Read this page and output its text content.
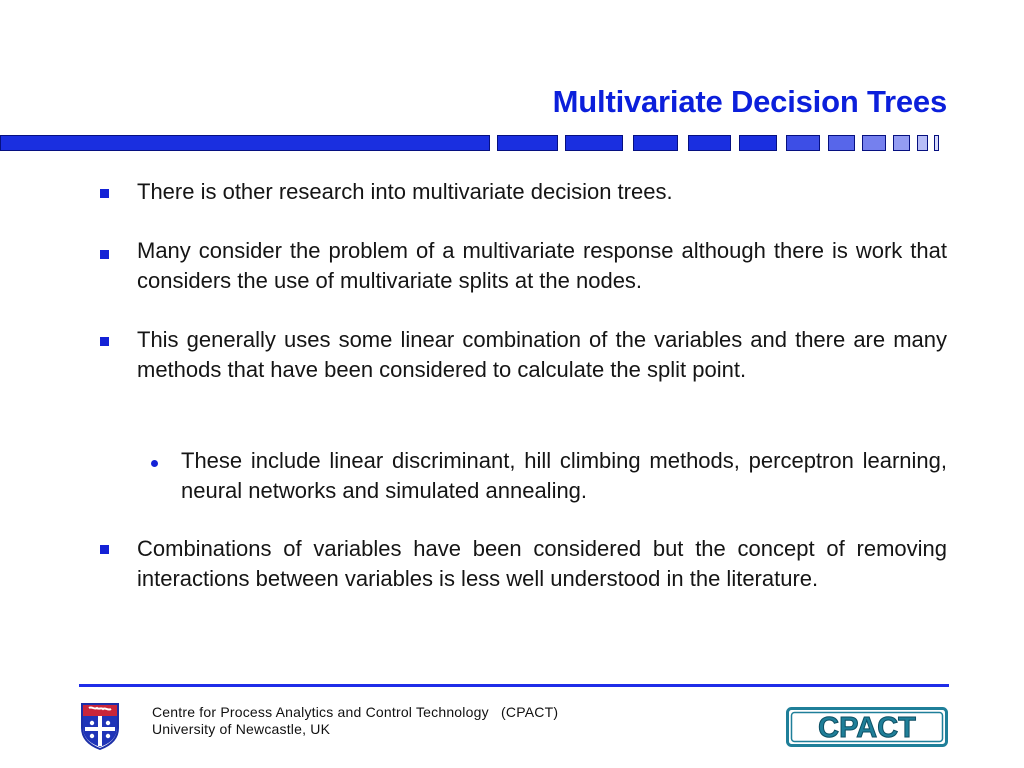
Multivariate Decision Trees
There is other research into multivariate decision trees.
Many consider the problem of a multivariate response although there is work that considers the use of multivariate splits at the nodes.
This generally uses some linear combination of the variables and there are many methods that have been considered to calculate the split point.
These include linear discriminant, hill climbing methods, perceptron learning, neural networks and simulated annealing.
Combinations of variables have been considered but the concept of removing interactions between variables is less well understood in the literature.
Centre for Process Analytics and Control Technology   (CPACT)
University of Newcastle, UK	CPACT
